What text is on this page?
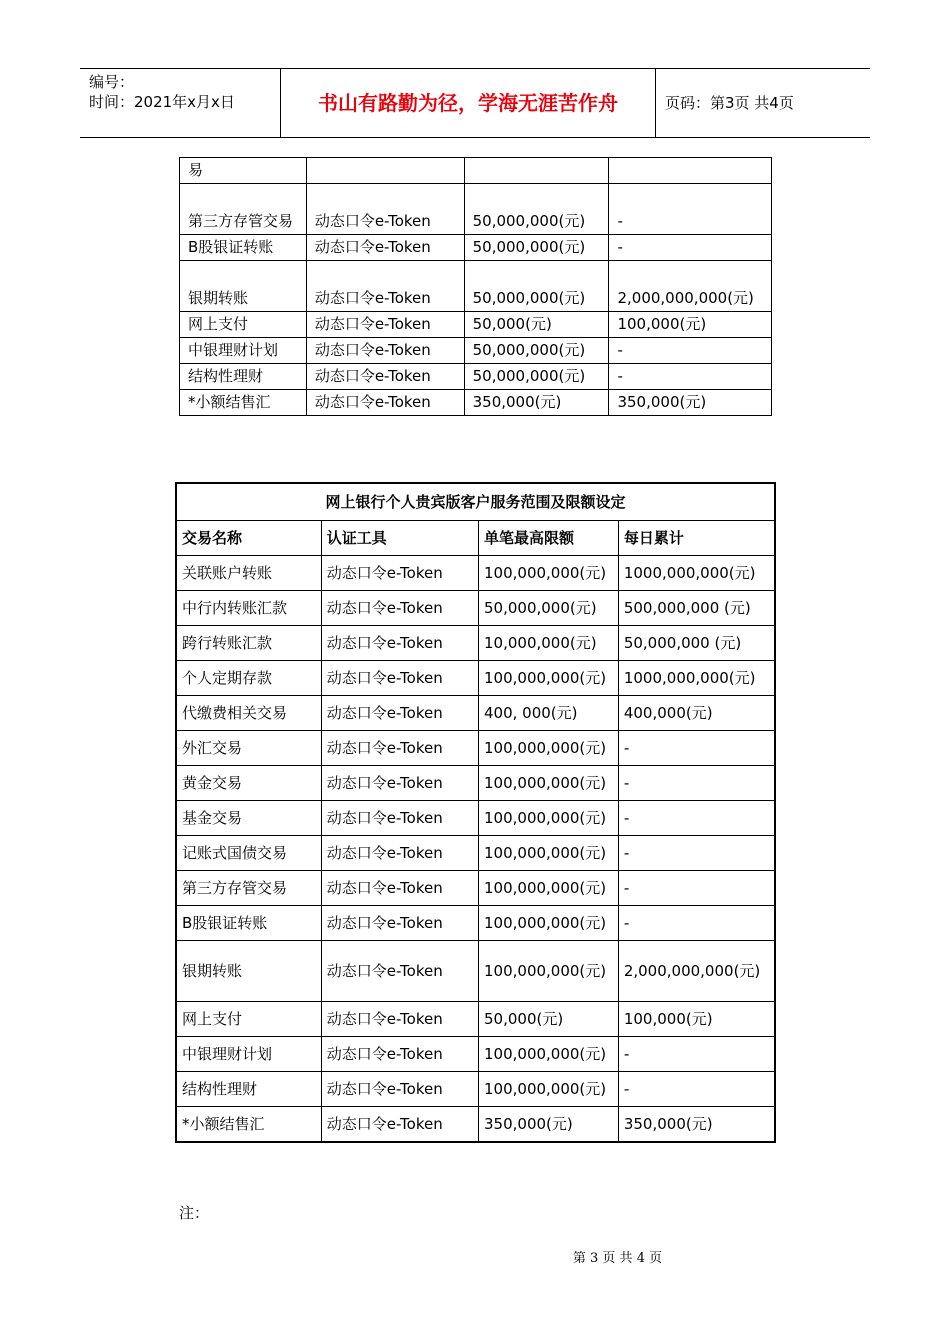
编号：
时间：2021年x月x日	书山有路勤为径，学海无涯苦作舟	页码：第3页 共4页
易			
第三方存管交易	动态口令e-Token	50,000,000(元)	-
B股银证转账	动态口令e-Token	50,000,000(元)	-
银期转账	动态口令e-Token	50,000,000(元)	2,000,000,000(元)
网上支付	动态口令e-Token	50,000(元)	100,000(元)
中银理财计划	动态口令e-Token	50,000,000(元)	-
结构性理财	动态口令e-Token	50,000,000(元)	-
*小额结售汇	动态口令e-Token	350,000(元)	350,000(元)
网上银行个人贵宾版客户服务范围及限额设定			
交易名称	认证工具	单笔最高限额	每日累计
关联账户转账	动态口令e-Token	100,000,000(元)	1000,000,000(元)
中行内转账汇款	动态口令e-Token	50,000,000(元)	500,000,000 (元)
跨行转账汇款	动态口令e-Token	10,000,000(元)	50,000,000 (元)
个人定期存款	动态口令e-Token	100,000,000(元)	1000,000,000(元)
代缴费相关交易	动态口令e-Token	400, 000(元)	400,000(元)
外汇交易	动态口令e-Token	100,000,000(元)	-
黄金交易	动态口令e-Token	100,000,000(元)	-
基金交易	动态口令e-Token	100,000,000(元)	-
记账式国债交易	动态口令e-Token	100,000,000(元)	-
第三方存管交易	动态口令e-Token	100,000,000(元)	-
B股银证转账	动态口令e-Token	100,000,000(元)	-
银期转账	动态口令e-Token	100,000,000(元)	2,000,000,000(元)
网上支付	动态口令e-Token	50,000(元)	100,000(元)
中银理财计划	动态口令e-Token	100,000,000(元)	-
结构性理财	动态口令e-Token	100,000,000(元)	-
*小额结售汇	动态口令e-Token	350,000(元)	350,000(元)
注：
第 3 页 共 4 页
